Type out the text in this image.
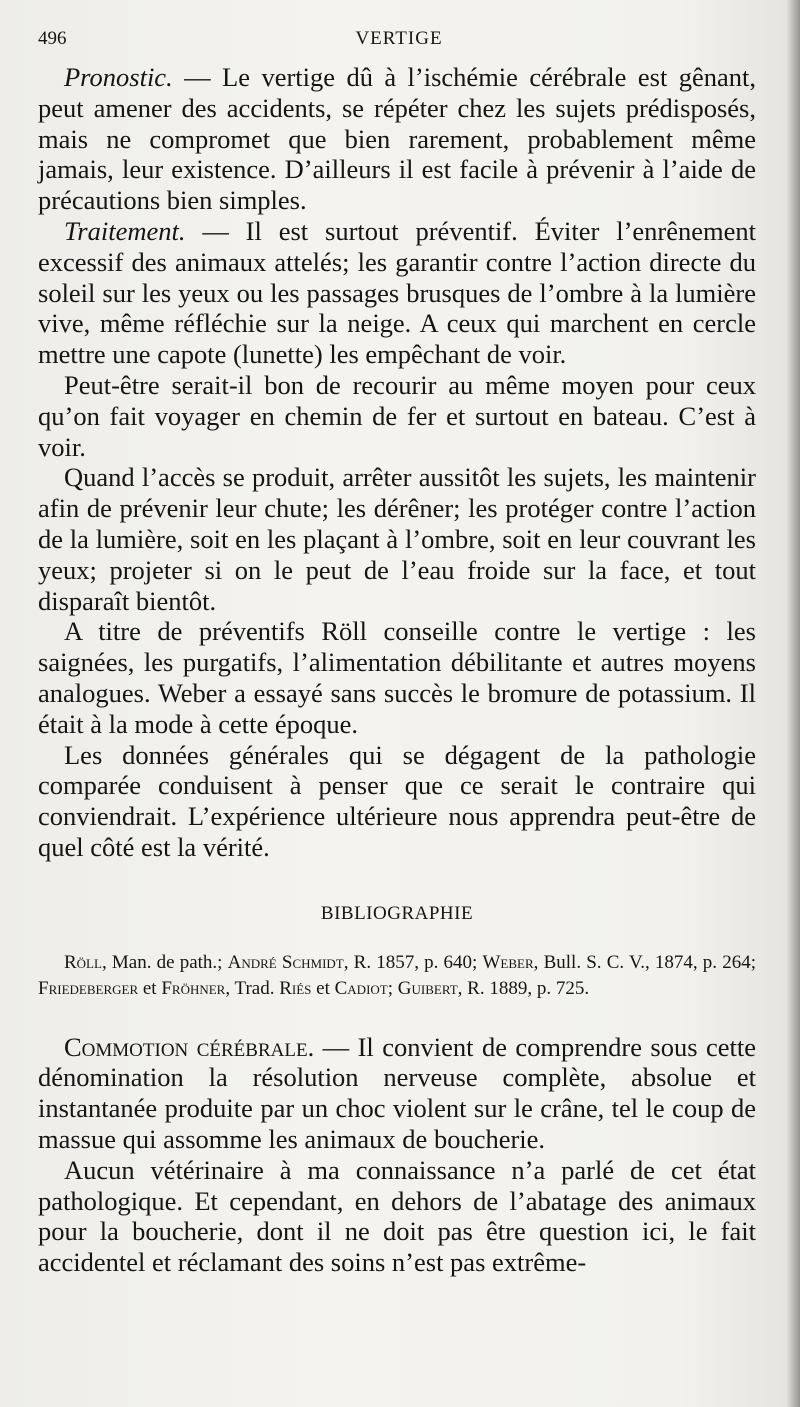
496	VERTIGE

Pronostic. — Le vertige dû à l’ischémie cérébrale est gênant, peut amener des accidents, se répéter chez les sujets prédisposés, mais ne compromet que bien rarement, probablement même jamais, leur existence. D’ailleurs il est facile à prévenir à l’aide de précautions bien simples.

Traitement. — Il est surtout préventif. Éviter l’enrênement excessif des animaux attelés; les garantir contre l’action directe du soleil sur les yeux ou les passages brusques de l’ombre à la lumière vive, même réfléchie sur la neige. A ceux qui marchent en cercle mettre une capote (lunette) les empêchant de voir.

Peut-être serait-il bon de recourir au même moyen pour ceux qu’on fait voyager en chemin de fer et surtout en bateau. C’est à voir.

Quand l’accès se produit, arrêter aussitôt les sujets, les maintenir afin de prévenir leur chute; les dérêner; les protéger contre l’action de la lumière, soit en les plaçant à l’ombre, soit en leur couvrant les yeux; projeter si on le peut de l’eau froide sur la face, et tout disparaît bientôt.

A titre de préventifs Röll conseille contre le vertige : les saignées, les purgatifs, l’alimentation débilitante et autres moyens analogues. Weber a essayé sans succès le bromure de potassium. Il était à la mode à cette époque.

Les données générales qui se dégagent de la pathologie comparée conduisent à penser que ce serait le contraire qui conviendrait. L’expérience ultérieure nous apprendra peut-être de quel côté est la vérité.

BIBLIOGRAPHIE
Röll, Man. de path.; André Schmidt, R. 1857, p. 640; Weber, Bull. S. C. V., 1874, p. 264; Friedeberger et Fröhner, Trad. Riés et Cadiot; Guibert, R. 1889, p. 725.

Commotion cérébrale. — Il convient de comprendre sous cette dénomination la résolution nerveuse complète, absolue et instantanée produite par un choc violent sur le crâne, tel le coup de massue qui assomme les animaux de boucherie.

Aucun vétérinaire à ma connaissance n’a parlé de cet état pathologique. Et cependant, en dehors de l’abatage des animaux pour la boucherie, dont il ne doit pas être question ici, le fait accidentel et réclamant des soins n’est pas extrême-
